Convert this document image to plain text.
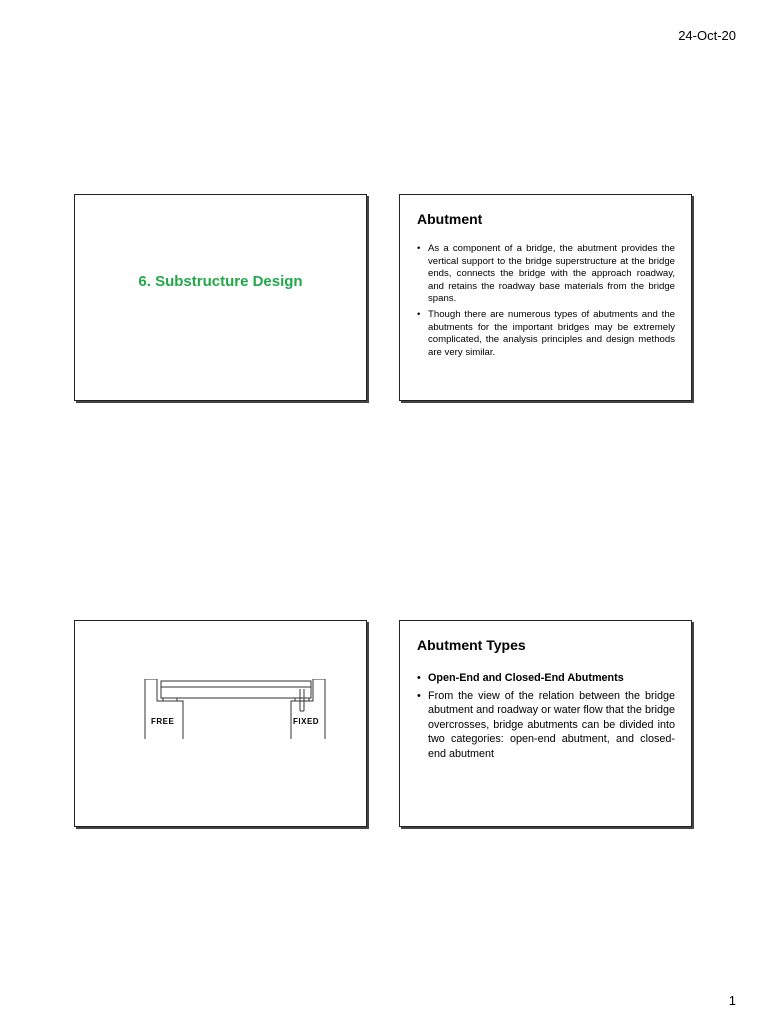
24-Oct-20
6. Substructure Design
Abutment
• As a component of a bridge, the abutment provides the vertical support to the bridge superstructure at the bridge ends, connects the bridge with the approach roadway, and retains the roadway base materials from the bridge spans.
• Though there are numerous types of abutments and the abutments for the important bridges may be extremely complicated, the analysis principles and design methods are very similar.
FREE	FIXED
Abutment Types
• Open-End and Closed-End Abutments
• From the view of the relation between the bridge abutment and roadway or water flow that the bridge overcrosses, bridge abutments can be divided into two categories: open-end abutment, and closed-end abutment
1
